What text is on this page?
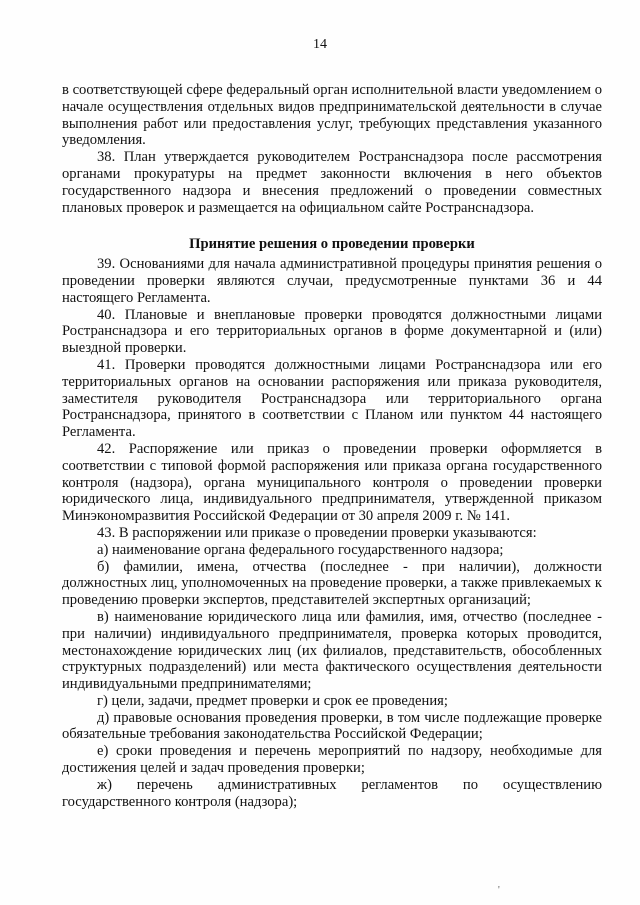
14

в соответствующей сфере федеральный орган исполнительной власти уведомлением о начале осуществления отдельных видов предпринимательской деятельности в случае выполнения работ или предоставления услуг, требующих представления указанного уведомления.

38. План утверждается руководителем Ространснадзора после рассмотрения органами прокуратуры на предмет законности включения в него объектов государственного надзора и внесения предложений о проведении совместных плановых проверок и размещается на официальном сайте Ространснадзора.

Принятие решения о проведении проверки

39. Основаниями для начала административной процедуры принятия решения о проведении проверки являются случаи, предусмотренные пунктами 36 и 44 настоящего Регламента.

40. Плановые и внеплановые проверки проводятся должностными лицами Ространснадзора и его территориальных органов в форме документарной и (или) выездной проверки.

41. Проверки проводятся должностными лицами Ространснадзора или его территориальных органов на основании распоряжения или приказа руководителя, заместителя руководителя Ространснадзора или территориального органа Ространснадзора, принятого в соответствии с Планом или пунктом 44 настоящего Регламента.

42. Распоряжение или приказ о проведении проверки оформляется в соответствии с типовой формой распоряжения или приказа органа государственного контроля (надзора), органа муниципального контроля о проведении проверки юридического лица, индивидуального предпринимателя, утвержденной приказом Минэкономразвития Российской Федерации от 30 апреля 2009 г. № 141.

43. В распоряжении или приказе о проведении проверки указываются:

а) наименование органа федерального государственного надзора;

б) фамилии, имена, отчества (последнее - при наличии), должности должностных лиц, уполномоченных на проведение проверки, а также привлекаемых к проведению проверки экспертов, представителей экспертных организаций;

в) наименование юридического лица или фамилия, имя, отчество (последнее - при наличии) индивидуального предпринимателя, проверка которых проводится, местонахождение юридических лиц (их филиалов, представительств, обособленных структурных подразделений) или места фактического осуществления деятельности индивидуальными предпринимателями;

г) цели, задачи, предмет проверки и срок ее проведения;

д) правовые основания проведения проверки, в том числе подлежащие проверке обязательные требования законодательства Российской Федерации;

е) сроки проведения и перечень мероприятий по надзору, необходимые для достижения целей и задач проведения проверки;

ж) перечень административных регламентов по осуществлению государственного контроля (надзора);

'
